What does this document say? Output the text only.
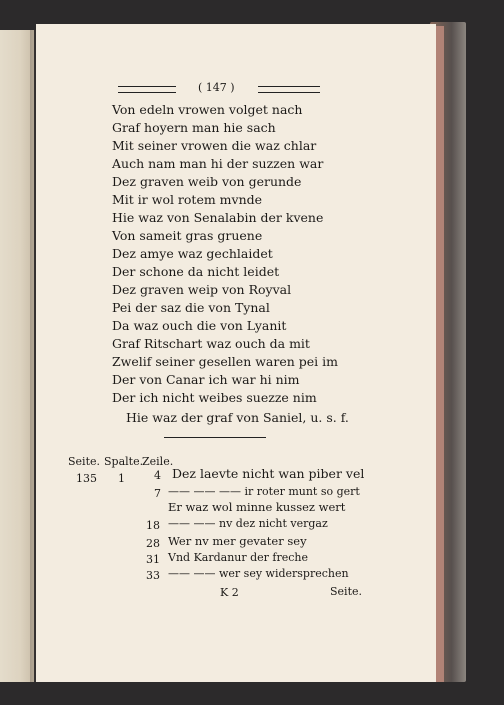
( 147 )
Von edeln vrowen volget nach
Graf hoyern man hie sach
Mit seiner vrowen die waz chlar
Auch nam man hi der suzzen war
Dez graven weib von gerunde
Mit ir wol rotem mvnde
Hie waz von Senalabin der kvene
Von sameit gras gruene
Dez amye waz gechlaidet
Der schone da nicht leidet
Dez graven weip von Royval
Pei der saz die von Tynal
Da waz ouch die von Lyanit
Graf Ritschart waz ouch da mit
Zwelif seiner gesellen waren pei im
Der von Canar ich war hi nim
Der ich nicht weibes suezze nim
Hie waz der graf von Saniel, u. s. f.
Seite. Spalte.
Zeile.
135 1	4 Dez laevte nicht wan piber vel
7 —— —— —— ir roter munt so gert
Er waz wol minne kussez wert
18 —— —— nv dez nicht vergaz
28 Wer nv mer gevater sey
31 Vnd Kardanur der freche
33 —— —— wer sey widersprechen
K 2	Seite.
